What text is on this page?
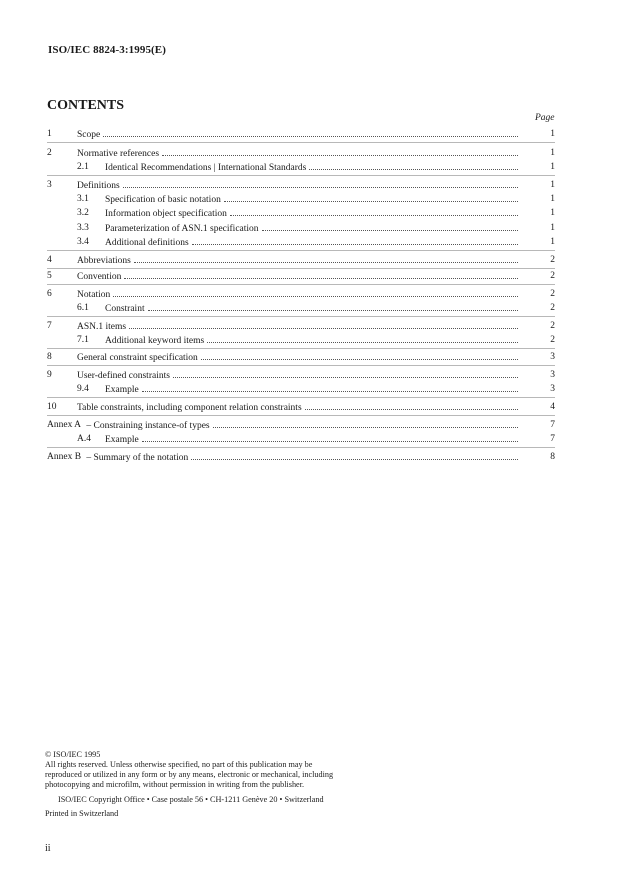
ISO/IEC 8824-3:1995(E)
CONTENTS
Page
1	Scope	1
2	Normative references	1
2.1 Identical Recommendations | International Standards	1
3	Definitions	1
3.1 Specification of basic notation	1
3.2 Information object specification	1
3.3 Parameterization of ASN.1 specification	1
3.4 Additional definitions	1
4	Abbreviations	2
5	Convention	2
6	Notation	2
6.1 Constraint	2
7	ASN.1 items	2
7.1 Additional keyword items	2
8	General constraint specification	3
9	User-defined constraints	3
9.4 Example	3
10 Table constraints, including component relation constraints	4
Annex A – Constraining instance-of types	7
A.4 Example	7
Annex B – Summary of the notation	8
© ISO/IEC 1995
All rights reserved. Unless otherwise specified, no part of this publication may be
reproduced or utilized in any form or by any means, electronic or mechanical, including
photocopying and microfilm, without permission in writing from the publisher.
ISO/IEC Copyright Office • Case postale 56 • CH-1211 Genève 20 • Switzerland
Printed in Switzerland
ii
